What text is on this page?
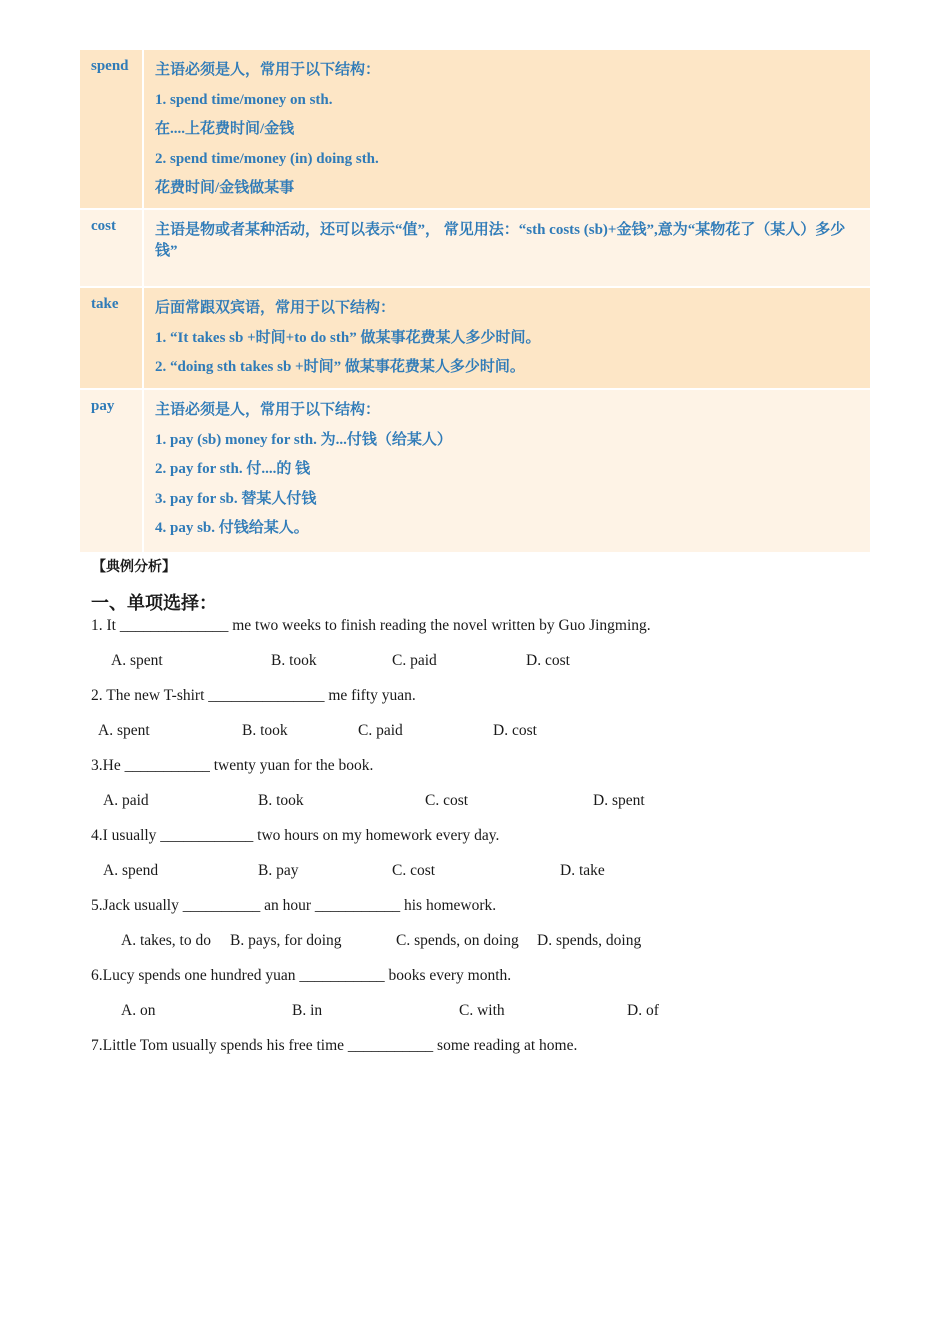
spend	主语必须是人，常用于以下结构：
1. spend time/money on sth.
在....上花费时间/金钱
2. spend time/money (in) doing sth.
花费时间/金钱做某事
cost	主语是物或者某种活动，还可以表示“值”， 常见用法：“sth costs (sb)+金钱”,意为“某物花了（某人）多少钱”
take	后面常跟双宾语，常用于以下结构：
1. “It takes sb +时间+to do sth” 做某事花费某人多少时间。
2. “doing sth takes sb +时间” 做某事花费某人多少时间。
pay	主语必须是人，常用于以下结构：
1. pay (sb) money for sth. 为...付钱（给某人）
2. pay for sth. 付....的 钱
3. pay for sb. 替某人付钱
4. pay sb. 付钱给某人。
【典例分析】
一、单项选择：
1. It ______________ me two weeks to finish reading the novel written by Guo Jingming.
A. spent	B. took	C. paid	D. cost
2. The new T-shirt _______________ me fifty yuan.
A. spent	B. took	C. paid	D. cost
3.He ___________ twenty yuan for the book.
A. paid	B. took	C. cost	D. spent
4.I usually ____________ two hours on my homework every day.
A. spend	B. pay	C. cost	D. take
5.Jack usually __________ an hour ___________ his homework.
A. takes, to do B. pays, for doing	C. spends, on doing D. spends, doing
6.Lucy spends one hundred yuan ___________ books every month.
A. on	B. in	C. with	D. of
7.Little Tom usually spends his free time ___________ some reading at home.
